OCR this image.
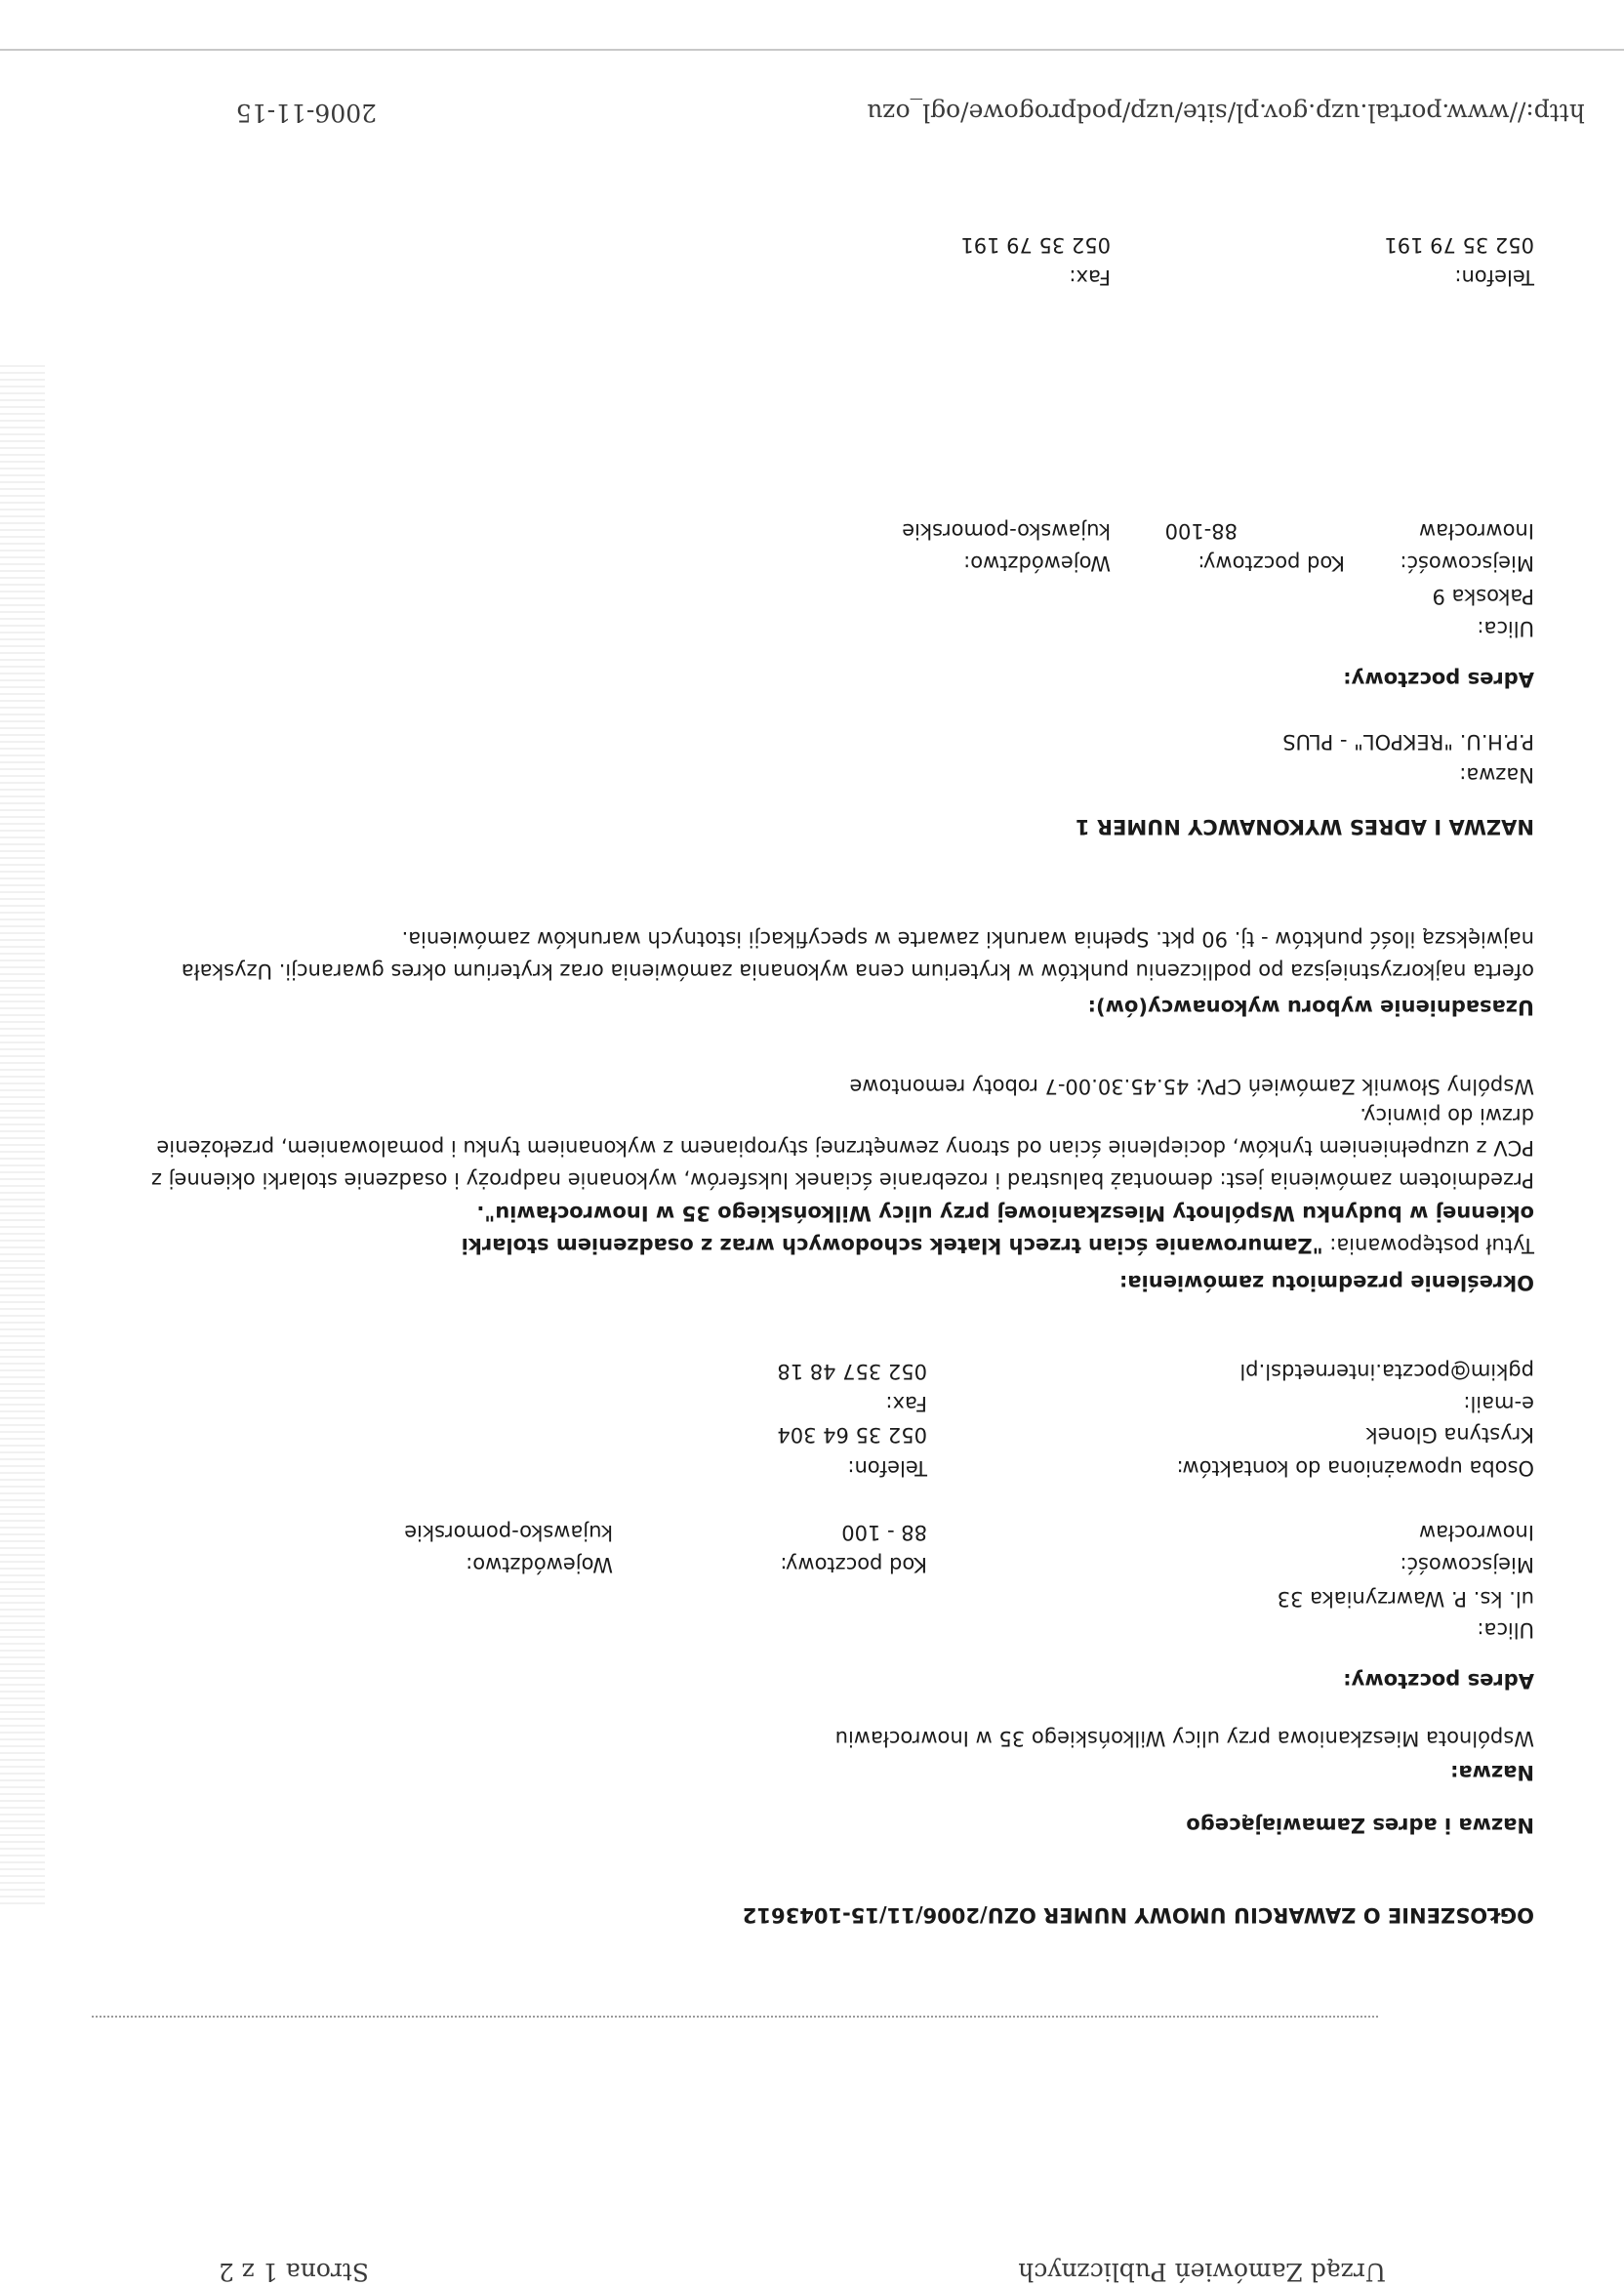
Urząd Zamówień Publicznych
Strona 1 z 2
OGŁOSZENIE O ZAWARCIU UMOWY NUMER OZU/2006/11/15-1043612
Nazwa i adres Zamawiającego
Nazwa:
Wspólnota Mieszkaniowa przy ulicy Wilkońskiego 35 w Inowrocławiu
Adres pocztowy:
Ulica:
ul. ks. P. Wawrzyniaka 33
Miejscowość:
Kod pocztowy:
Województwo:
Inowrocław
88 - 100
kujawsko-pomorskie
Osoba upoważniona do kontaktów:
Telefon:
Krystyna Glonek
052 35 64 304
e-mail:
Fax:
pgkim@poczta.internetdsl.pl
052 357 48 18
Określenie przedmiotu zamówienia:
Tytuł postępowania: "Zamurowanie ścian trzech klatek schodowych wraz z osadzeniem stolarki
okiennej w budynku Wspólnoty Mieszkaniowej przy ulicy Wilkońskiego 35 w Inowrocławiu".
Przedmiotem zamówienia jest: demontaż balustrad i rozebranie ścianek luksferów, wykonanie nadproży i osadzenie stolarki okiennej z PCV z uzupełnieniem tynków, docieplenie ścian od strony zewnętrznej styropianem z wykonaniem tynku i pomalowaniem, przełożenie drzwi do piwnicy.
Wspólny Słownik Zamówień CPV: 45.45.30.00-7 roboty remontowe
Uzasadnienie wyboru wykonawcy(ów):
oferta najkorzystniejsza po podliczeniu punktów w kryterium cena wykonania zamówienia oraz kryterium okres gwarancji. Uzyskała największą ilość punktów - tj. 90 pkt. Spełnia warunki zawarte w specyfikacji istotnych warunków zamówienia.
NAZWA I ADRES WYKONAWCY NUMER 1
Nazwa:
P.P.H.U. "REKPOL" - PLUS
Adres pocztowy:
Ulica:
Pakoska 9
Miejscowość:
Kod pocztowy:
Województwo:
Inowrocław
88-100
kujawsko-pomorskie
Telefon:
Fax:
052 35 79 191
052 35 79 191
http://www.portal.uzp.gov.pl/site/uzp/podprogowe/ogl_ozu
2006-11-15
